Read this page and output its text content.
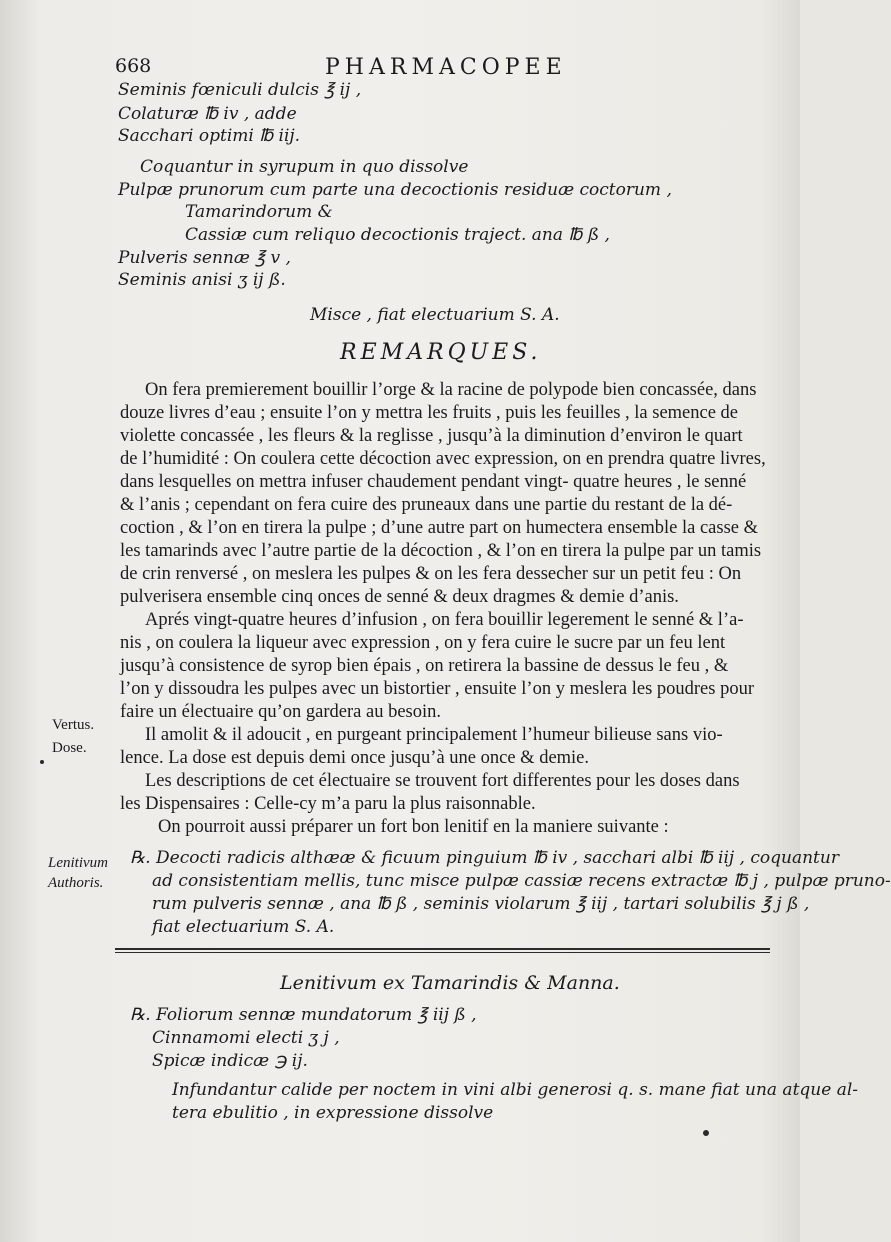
668	PHARMACOPEE
Seminis fœniculi dulcis ℥ ij ,
Colaturæ ℔ iv , adde
Sacchari optimi ℔ iij.
Coquantur in syrupum in quo dissolve
Pulpæ prunorum cum parte una decoctionis residuæ coctorum ,
Tamarindorum &
Cassiæ cum reliquo decoctionis traject. ana ℔ ß ,
Pulveris sennæ ℥ v ,
Seminis anisi ʒ ij ß.
Misce , fiat electuarium S. A.
REMARQUES.
On fera premierement bouillir l’orge & la racine de polypode bien concassée, dans
douze livres d’eau ; ensuite l’on y mettra les fruits , puis les feuilles , la semence de
violette concassée , les fleurs & la reglisse , jusqu’à la diminution d’environ le quart
de l’humidité : On coulera cette décoction avec expression, on en prendra quatre livres,
dans lesquelles on mettra infuser chaudement pendant vingt- quatre heures , le senné
& l’anis ; cependant on fera cuire des pruneaux dans une partie du restant de la dé-
coction , & l’on en tirera la pulpe ; d’une autre part on humectera ensemble la casse &
les tamarinds avec l’autre partie de la décoction , & l’on en tirera la pulpe par un tamis
de crin renversé , on meslera les pulpes & on les fera dessecher sur un petit feu : On
pulverisera ensemble cinq onces de senné & deux dragmes & demie d’anis.
Aprés vingt-quatre heures d’infusion , on fera bouillir legerement le senné & l’a-
nis , on coulera la liqueur avec expression , on y fera cuire le sucre par un feu lent
jusqu’à consistence de syrop bien épais , on retirera la bassine de dessus le feu , &
l’on y dissoudra les pulpes avec un bistortier , ensuite l’on y meslera les poudres pour
faire un électuaire qu’on gardera au besoin.
Il amolit & il adoucit , en purgeant principalement l’humeur bilieuse sans vio-
lence. La dose est depuis demi once jusqu’à une once & demie.
Les descriptions de cet électuaire se trouvent fort differentes pour les doses dans
les Dispensaires : Celle-cy m’a paru la plus raisonnable.
On pourroit aussi préparer un fort bon lenitif en la maniere suivante :
Vertus.
Dose.
Lenitivum
Authoris.
℞. Decocti radicis althææ & ficuum pinguium ℔ iv , sacchari albi ℔ iij , coquantur
ad consistentiam mellis, tunc misce pulpæ cassiæ recens extractæ ℔ j , pulpæ pruno-
rum pulveris sennæ , ana ℔ ß , seminis violarum ℥ iij , tartari solubilis ℥ j ß ,
fiat electuarium S. A.
Lenitivum ex Tamarindis & Manna.
℞. Foliorum sennæ mundatorum ℥ iij ß ,
Cinnamomi electi ʒ j ,
Spicæ indicæ ℈ ij.
Infundantur calide per noctem in vini albi generosi q. s. mane fiat una atque al-
tera ebulitio , in expressione dissolve
